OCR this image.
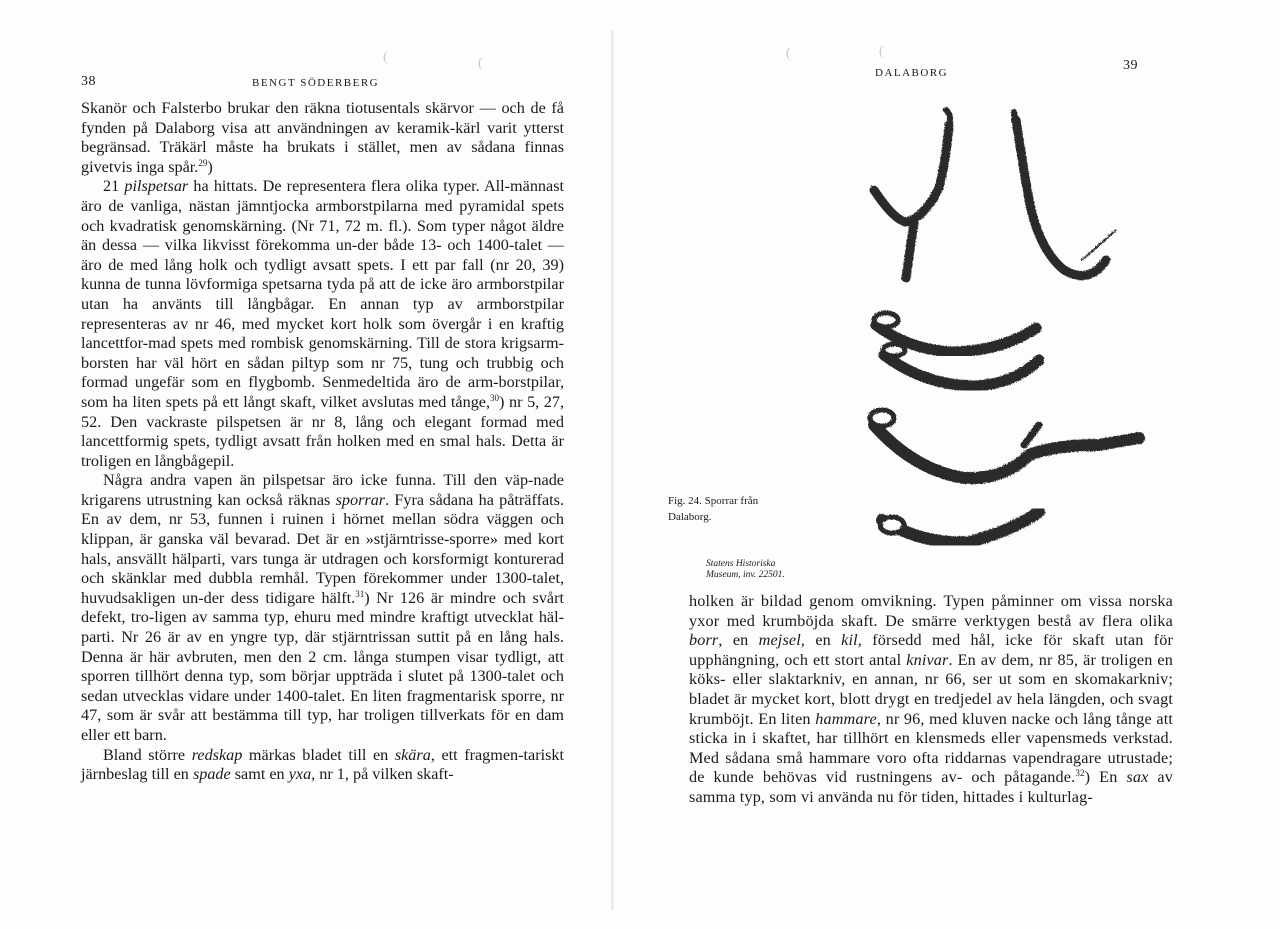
38	BENGT SÖDERBERG
(	(

Skanör och Falsterbo brukar den räkna tiotusentals skärvor — och de få fynden på Dalaborg visa att användningen av keramik-kärl varit ytterst begränsad. Träkärl måste ha brukats i stället, men av sådana finnas givetvis inga spår.$^{29}$)

21 pilspetsar ha hittats. De representera flera olika typer. All-männast äro de vanliga, nästan jämntjocka armborstpilarna med pyramidal spets och kvadratisk genomskärning. (Nr 71, 72 m. fl.). Som typer något äldre än dessa — vilka likvisst förekomma un-der både 13- och 1400-talet — äro de med lång holk och tydligt avsatt spets. I ett par fall (nr 20, 39) kunna de tunna lövformiga spetsarna tyda på att de icke äro armborstpilar utan ha använts till långbågar. En annan typ av armborstpilar representeras av nr 46, med mycket kort holk som övergår i en kraftig lancettfor-mad spets med rombisk genomskärning. Till de stora krigsarm-borsten har väl hört en sådan piltyp som nr 75, tung och trubbig och formad ungefär som en flygbomb. Senmedeltida äro de arm-borstpilar, som ha liten spets på ett långt skaft, vilket avslutas med tånge,$^{30}$) nr 5, 27, 52. Den vackraste pilspetsen är nr 8, lång och elegant formad med lancettformig spets, tydligt avsatt från holken med en smal hals. Detta är troligen en långbågepil.

Några andra vapen än pilspetsar äro icke funna. Till den väp-nade krigarens utrustning kan också räknas sporrar. Fyra sådana ha påträffats. En av dem, nr 53, funnen i ruinen i hörnet mellan södra väggen och klippan, är ganska väl bevarad. Det är en »stjärntrisse-sporre» med kort hals, ansvällt hälparti, vars tunga är utdragen och korsformigt konturerad och skänklar med dubbla remhål. Typen förekommer under 1300-talet, huvudsakligen un-der dess tidigare hälft.$^{31}$) Nr 126 är mindre och svårt defekt, tro-ligen av samma typ, ehuru med mindre kraftigt utvecklat häl-parti. Nr 26 är av en yngre typ, där stjärntrissan suttit på en lång hals. Denna är här avbruten, men den 2 cm. långa stumpen visar tydligt, att sporren tillhört denna typ, som börjar uppträda i slutet på 1300-talet och sedan utvecklas vidare under 1400-talet. En liten fragmentarisk sporre, nr 47, som är svår att bestämma till typ, har troligen tillverkats för en dam eller ett barn.

Bland större redskap märkas bladet till en skära, ett fragmen-tariskt järnbeslag till en spade samt en yxa, nr 1, på vilken skaft-

DALABORG	39
(	(
Fig. 24. Sporrar från
Dalaborg.
Statens Historiska
Museum, inv. 22501.

holken är bildad genom omvikning. Typen påminner om vissa norska yxor med krumböjda skaft. De smärre verktygen bestå av flera olika borr, en mejsel, en kil, försedd med hål, icke för skaft utan för upphängning, och ett stort antal knivar. En av dem, nr 85, är troligen en köks- eller slaktarkniv, en annan, nr 66, ser ut som en skomakarkniv; bladet är mycket kort, blott drygt en tredjedel av hela längden, och svagt krumböjt. En liten hammare, nr 96, med kluven nacke och lång tånge att sticka in i skaftet, har tillhört en klensmeds eller vapensmeds verkstad. Med sådana små hammare voro ofta riddarnas vapendragare utrustade; de kunde behövas vid rustningens av- och påtagande.$^{32}$) En sax av samma typ, som vi använda nu för tiden, hittades i kulturlag-
